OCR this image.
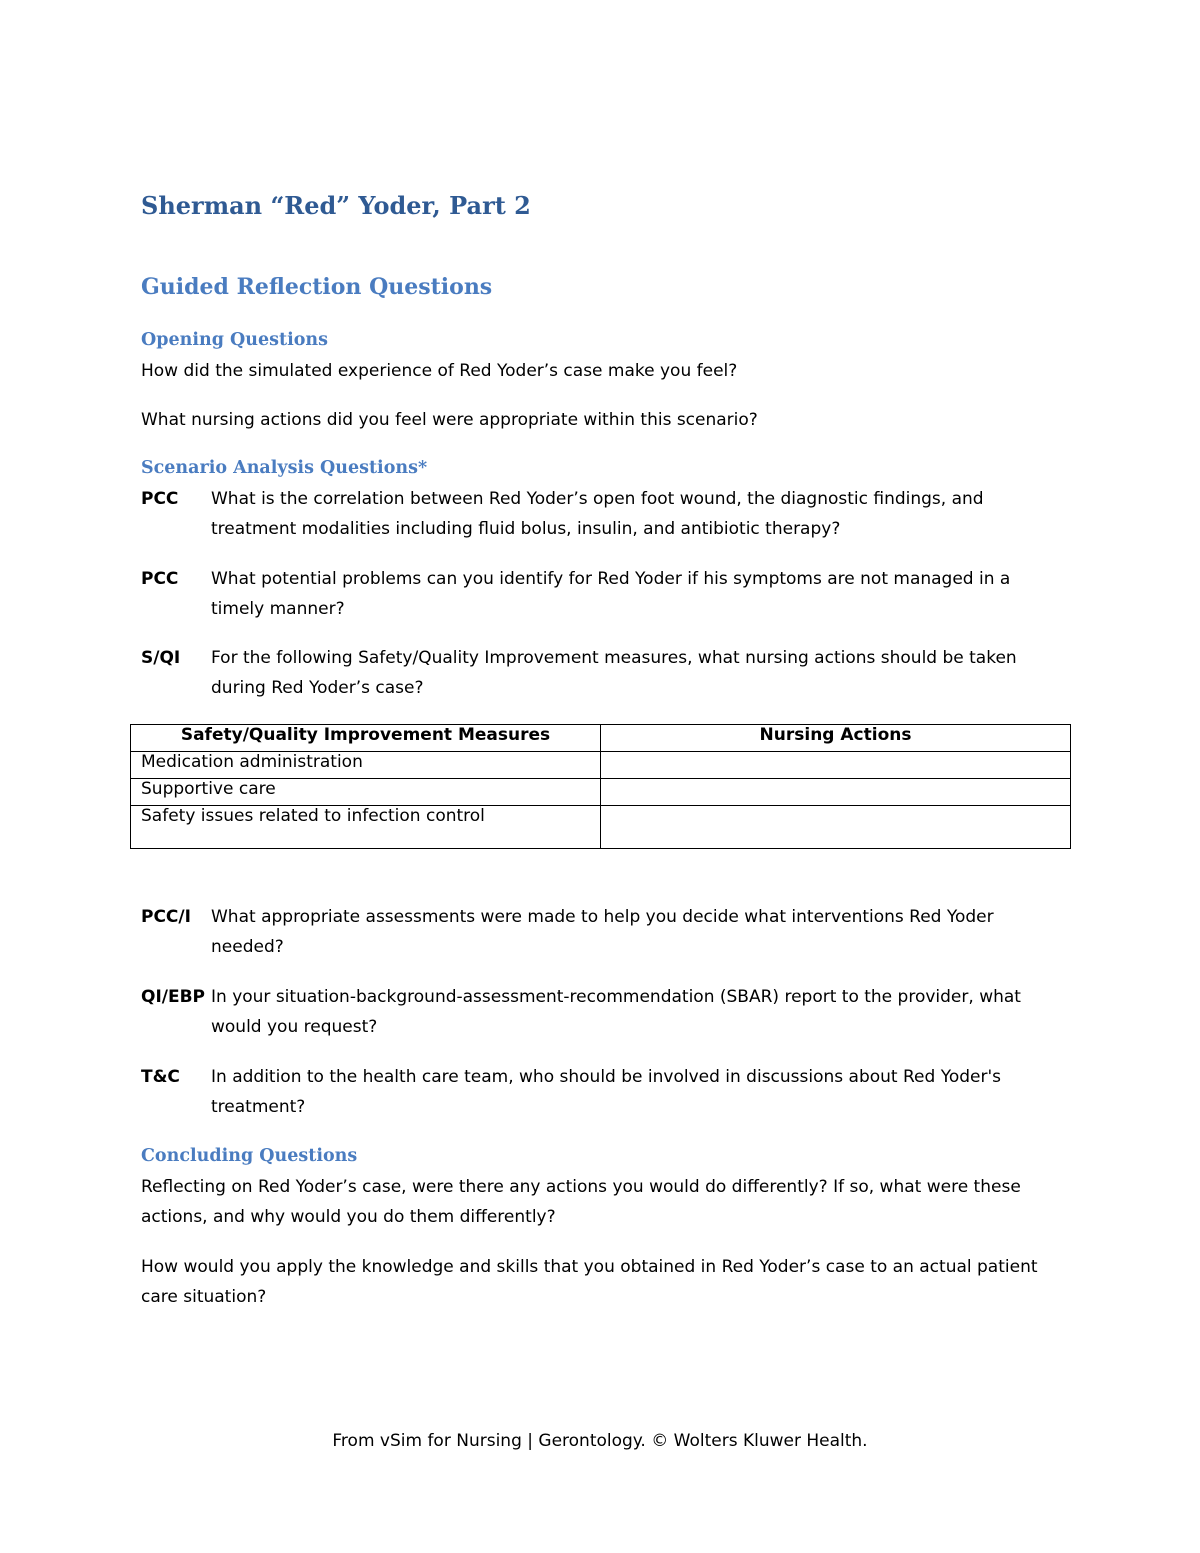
Sherman “Red” Yoder, Part 2
Guided Reflection Questions
Opening Questions
How did the simulated experience of Red Yoder’s case make you feel?
What nursing actions did you feel were appropriate within this scenario?
Scenario Analysis Questions*
PCC What is the correlation between Red Yoder’s open foot wound, the diagnostic findings, and treatment modalities including fluid bolus, insulin, and antibiotic therapy?
PCC What potential problems can you identify for Red Yoder if his symptoms are not managed in a timely manner?
S/QI For the following Safety/Quality Improvement measures, what nursing actions should be taken during Red Yoder’s case?
Safety/Quality Improvement Measures	Nursing Actions
Medication administration	
Supportive care	
Safety issues related to infection control	
PCC/I What appropriate assessments were made to help you decide what interventions Red Yoder needed?
QI/EBP In your situation-background-assessment-recommendation (SBAR) report to the provider, what would you request?
T&C In addition to the health care team, who should be involved in discussions about Red Yoder's treatment?
Concluding Questions
Reflecting on Red Yoder’s case, were there any actions you would do differently? If so, what were these actions, and why would you do them differently?
How would you apply the knowledge and skills that you obtained in Red Yoder’s case to an actual patient care situation?
From vSim for Nursing | Gerontology. © Wolters Kluwer Health.
